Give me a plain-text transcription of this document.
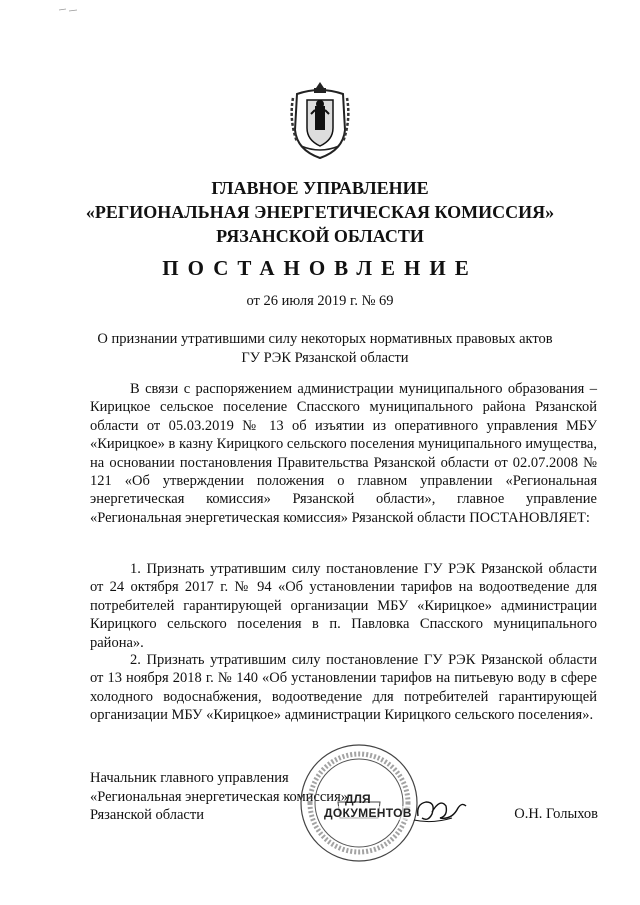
ГЛАВНОЕ УПРАВЛЕНИЕ
«РЕГИОНАЛЬНАЯ ЭНЕРГЕТИЧЕСКАЯ КОМИССИЯ»
РЯЗАНСКОЙ ОБЛАСТИ
ПОСТАНОВЛЕНИЕ
от 26 июля 2019 г. № 69
О признании утратившими силу некоторых нормативных правовых актов
ГУ РЭК Рязанской области

В связи с распоряжением администрации муниципального образования – Кирицкое сельское поселение Спасского муниципального района Рязанской области от 05.03.2019 № 13 об изъятии из оперативного управления МБУ «Кирицкое» в казну Кирицкого сельского поселения муниципального имущества, на основании постановления Правительства Рязанской области от 02.07.2008 № 121 «Об утверждении положения о главном управлении «Региональная энергетическая комиссия» Рязанской области», главное управление «Региональная энергетическая комиссия» Рязанской области ПОСТАНОВЛЯЕТ:

1. Признать утратившим силу постановление ГУ РЭК Рязанской области от 24 октября 2017 г. № 94 «Об установлении тарифов на водоотведение для потребителей гарантирующей организации МБУ «Кирицкое» администрации Кирицкого сельского поселения в п. Павловка Спасского муниципального района».

2. Признать утратившим силу постановление ГУ РЭК Рязанской области от 13 ноября 2018 г. № 140 «Об установлении тарифов на питьевую воду в сфере холодного водоснабжения, водоотведение для потребителей гарантирующей организации МБУ «Кирицкое» администрации Кирицкого сельского поселения».

Начальник главного управления
«Региональная энергетическая комиссия»
Рязанской области
ДЛЯ
ДОКУМЕНТОВ	О.Н. Голыхов
